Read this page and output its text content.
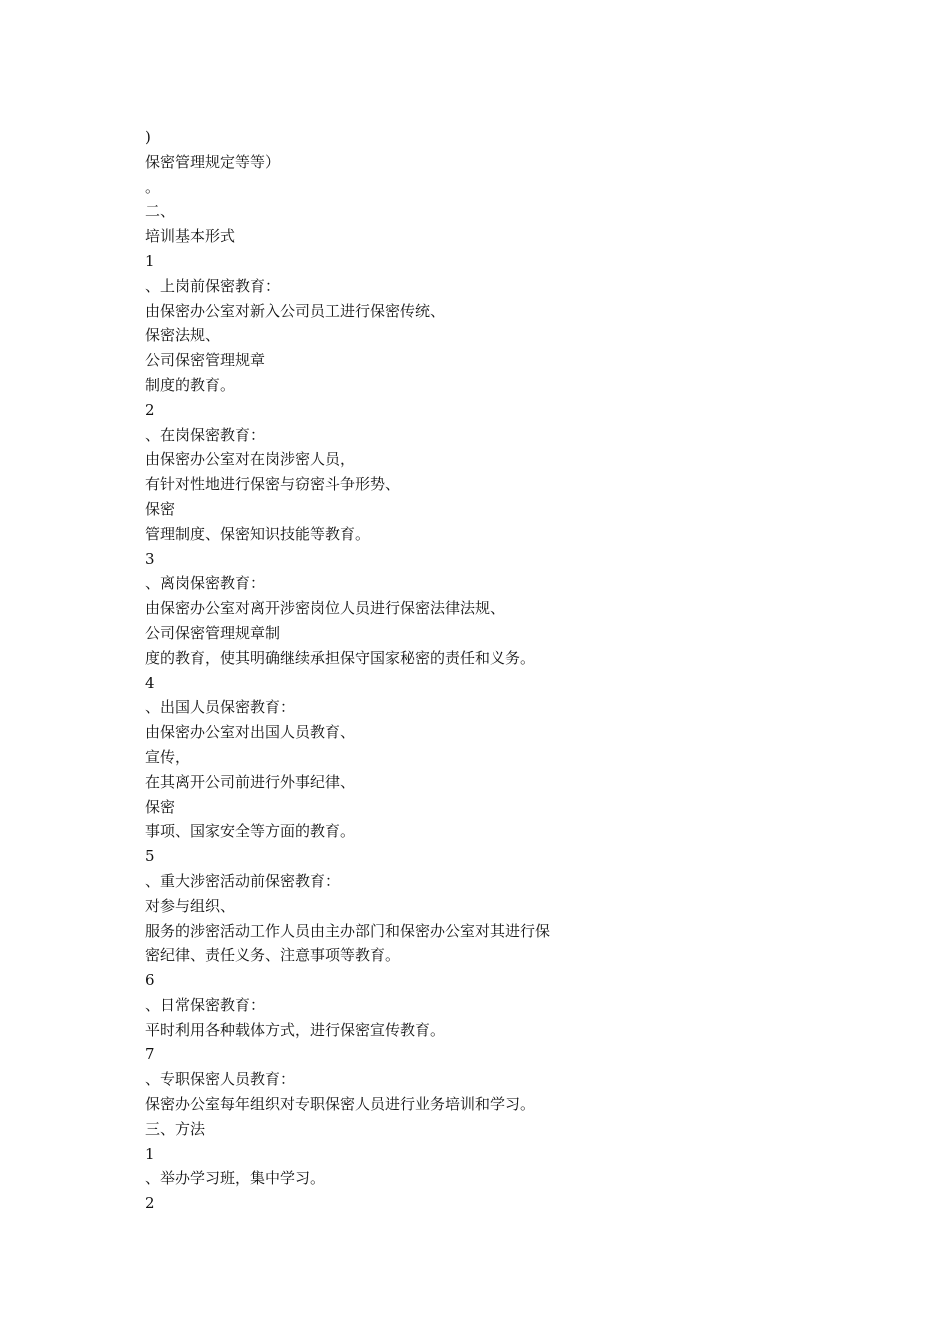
)
保密管理规定等等）
。
二、
培训基本形式
1
、上岗前保密教育：
由保密办公室对新入公司员工进行保密传统、
保密法规、
公司保密管理规章
制度的教育。
2
、在岗保密教育：
由保密办公室对在岗涉密人员，
有针对性地进行保密与窃密斗争形势、
保密
管理制度、保密知识技能等教育。
3
、离岗保密教育：
由保密办公室对离开涉密岗位人员进行保密法律法规、
公司保密管理规章制
度的教育，使其明确继续承担保守国家秘密的责任和义务。
4
、出国人员保密教育：
由保密办公室对出国人员教育、
宣传，
在其离开公司前进行外事纪律、
保密
事项、国家安全等方面的教育。
5
、重大涉密活动前保密教育：
对参与组织、
服务的涉密活动工作人员由主办部门和保密办公室对其进行保
密纪律、责任义务、注意事项等教育。
6
、日常保密教育：
平时利用各种载体方式，进行保密宣传教育。
7
、专职保密人员教育：
保密办公室每年组织对专职保密人员进行业务培训和学习。
三、方法
1
、举办学习班，集中学习。
2
